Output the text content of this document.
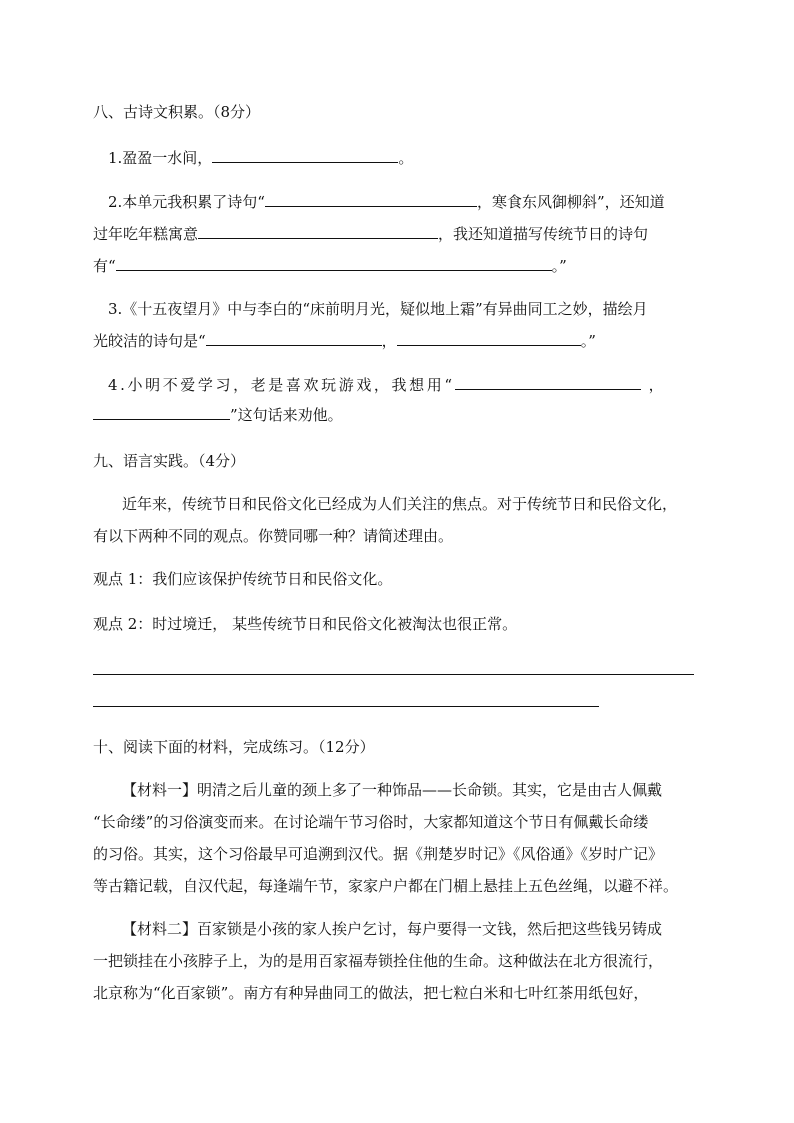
八、古诗文积累。（8分）
1.盈盈一水间，	。
2.本单元我积累了诗句“	，寒食东风御柳斜”，还知道
过年吃年糕寓意	，我还知道描写传统节日的诗句
有“	。”
3.《十五夜望月》中与李白的“床前明月光，疑似地上霜”有异曲同工之妙，描绘月
光皎洁的诗句是“	，	。”
4.小明不爱学习，老是喜欢玩游戏，我想用“	，
”这句话来劝他。
九、语言实践。（4分）
近年来，传统节日和民俗文化已经成为人们关注的焦点。对于传统节日和民俗文化，
有以下两种不同的观点。你赞同哪一种？请简述理由。
观点 1：我们应该保护传统节日和民俗文化。
观点 2：时过境迁， 某些传统节日和民俗文化被淘汰也很正常。
十、阅读下面的材料，完成练习。（12分）
【材料一】明清之后儿童的颈上多了一种饰品——长命锁。其实，它是由古人佩戴
“长命缕”的习俗演变而来。在讨论端午节习俗时，大家都知道这个节日有佩戴长命缕
的习俗。其实，这个习俗最早可追溯到汉代。据《荆楚岁时记》《风俗通》《岁时广记》
等古籍记载，自汉代起，每逢端午节，家家户户都在门楣上悬挂上五色丝绳，以避不祥。
【材料二】百家锁是小孩的家人挨户乞讨，每户要得一文钱，然后把这些钱另铸成
一把锁挂在小孩脖子上，为的是用百家福寿锁拴住他的生命。这种做法在北方很流行，
北京称为“化百家锁”。南方有种异曲同工的做法，把七粒白米和七叶红茶用纸包好，
